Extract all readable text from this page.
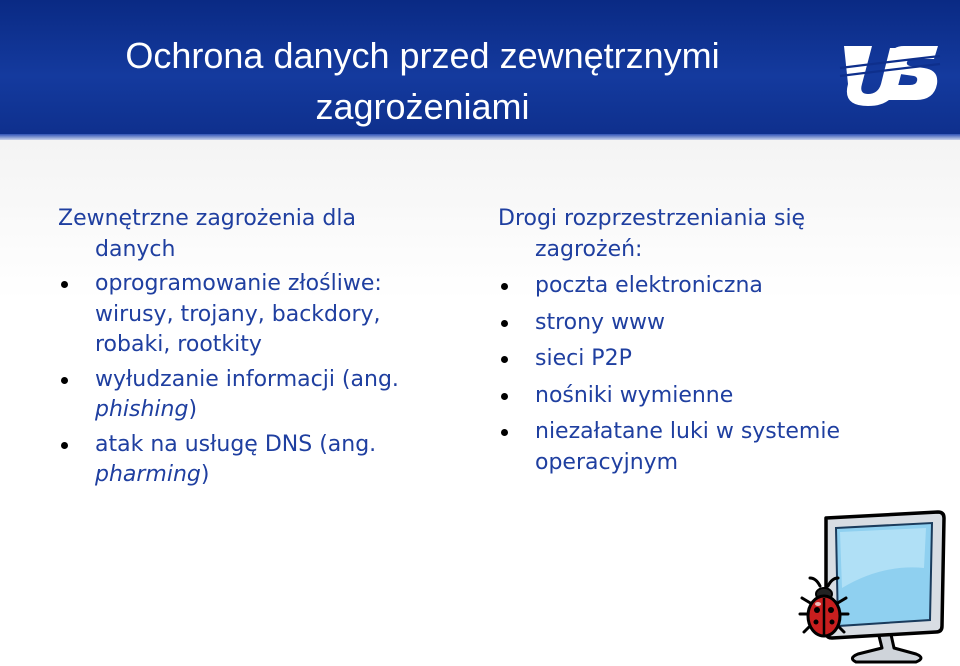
Ochrona danych przed zewnętrznymi
zagrożeniami

Zewnętrzne zagrożenia dla
danych

oprogramowanie złośliwe: wirusy, trojany, backdory, robaki, rootkity
wyłudzanie informacji (ang. phishing)
atak na usługę DNS (ang. pharming)

Drogi rozprzestrzeniania się
zagrożeń:

poczta elektroniczna
strony www
sieci P2P
nośniki wymienne
niezałatane luki w systemie operacyjnym
